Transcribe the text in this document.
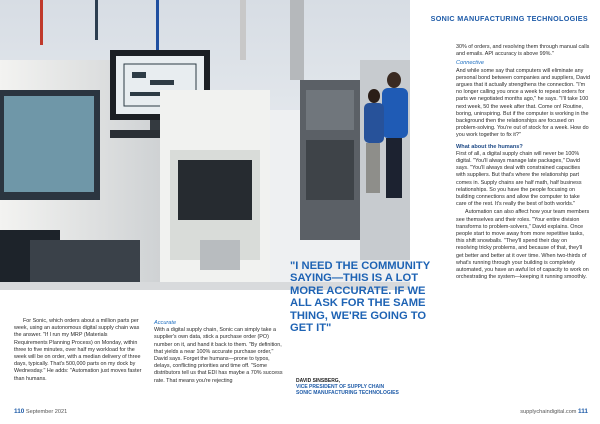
SONIC MANUFACTURING TECHNOLOGIES

For Sonic, which orders about a million parts per week, using an autonomous digital supply chain was the answer. "If I run my MRP (Materials Requirements Planning Process) on Monday, within three to five minutes, over half my workload for the week will be on order, with a median delivery of three days, typically. That's 500,000 parts on my dock by Wednesday." He adds: "Automation just moves faster than humans.

Accurate

With a digital supply chain, Sonic can simply take a supplier's own data, stick a purchase order (PO) number on it, and hand it back to them. "By definition, that yields a near 100% accurate purchase order," David says. Forget the humans—prone to typos, delays, conflicting priorities and time off. "Some distributors tell us that EDI has maybe a 70% success rate. That means you're rejecting

30% of orders, and resolving them through manual calls and emails. API accuracy is above 99%."

Connective

And while some say that computers will eliminate any personal bond between companies and suppliers, David argues that it actually strengthens the connection. "I'm no longer calling you once a week to repeat orders for parts we negotiated months ago," he says. "I'll take 100 next week, 50 the week after that. Come on! Routine, boring, uninspiring. But if the computer is working in the background then the relationships are focused on problem-solving. You're out of stock for a week. How do you work together to fix it?"

What about the humans?

First of all, a digital supply chain will never be 100% digital. "You'll always manage late packages," David says. "You'll always deal with constrained capacities with suppliers. But that's where the relationship part comes in. Supply chains are half math, half business relationships. So you have the people focusing on building connections and allow the computer to take care of the rest. It's really the best of both worlds."

Automation can also affect how your team members see themselves and their roles. "Your entire division transforms to problem-solvers," David explains. Once people start to move away from more repetitive tasks, this shift snowballs. "They'll spend their day on resolving tricky problems, and because of that, they'll get better and better at it over time. When two-thirds of what's running through your building is completely automated, you have an awful lot of capacity to work on orchestrating the system—keeping it running smoothly.

"I NEED THE COMMUNITY SAYING—THIS IS A LOT MORE ACCURATE. IF WE ALL ASK FOR THE SAME THING, WE'RE GOING TO GET IT"
DAVID SINSBERG,
VICE PRESIDENT OF SUPPLY CHAIN
SONIC MANUFACTURING TECHNOLOGIES
110 September 2021	supplychaindigital.com 111
